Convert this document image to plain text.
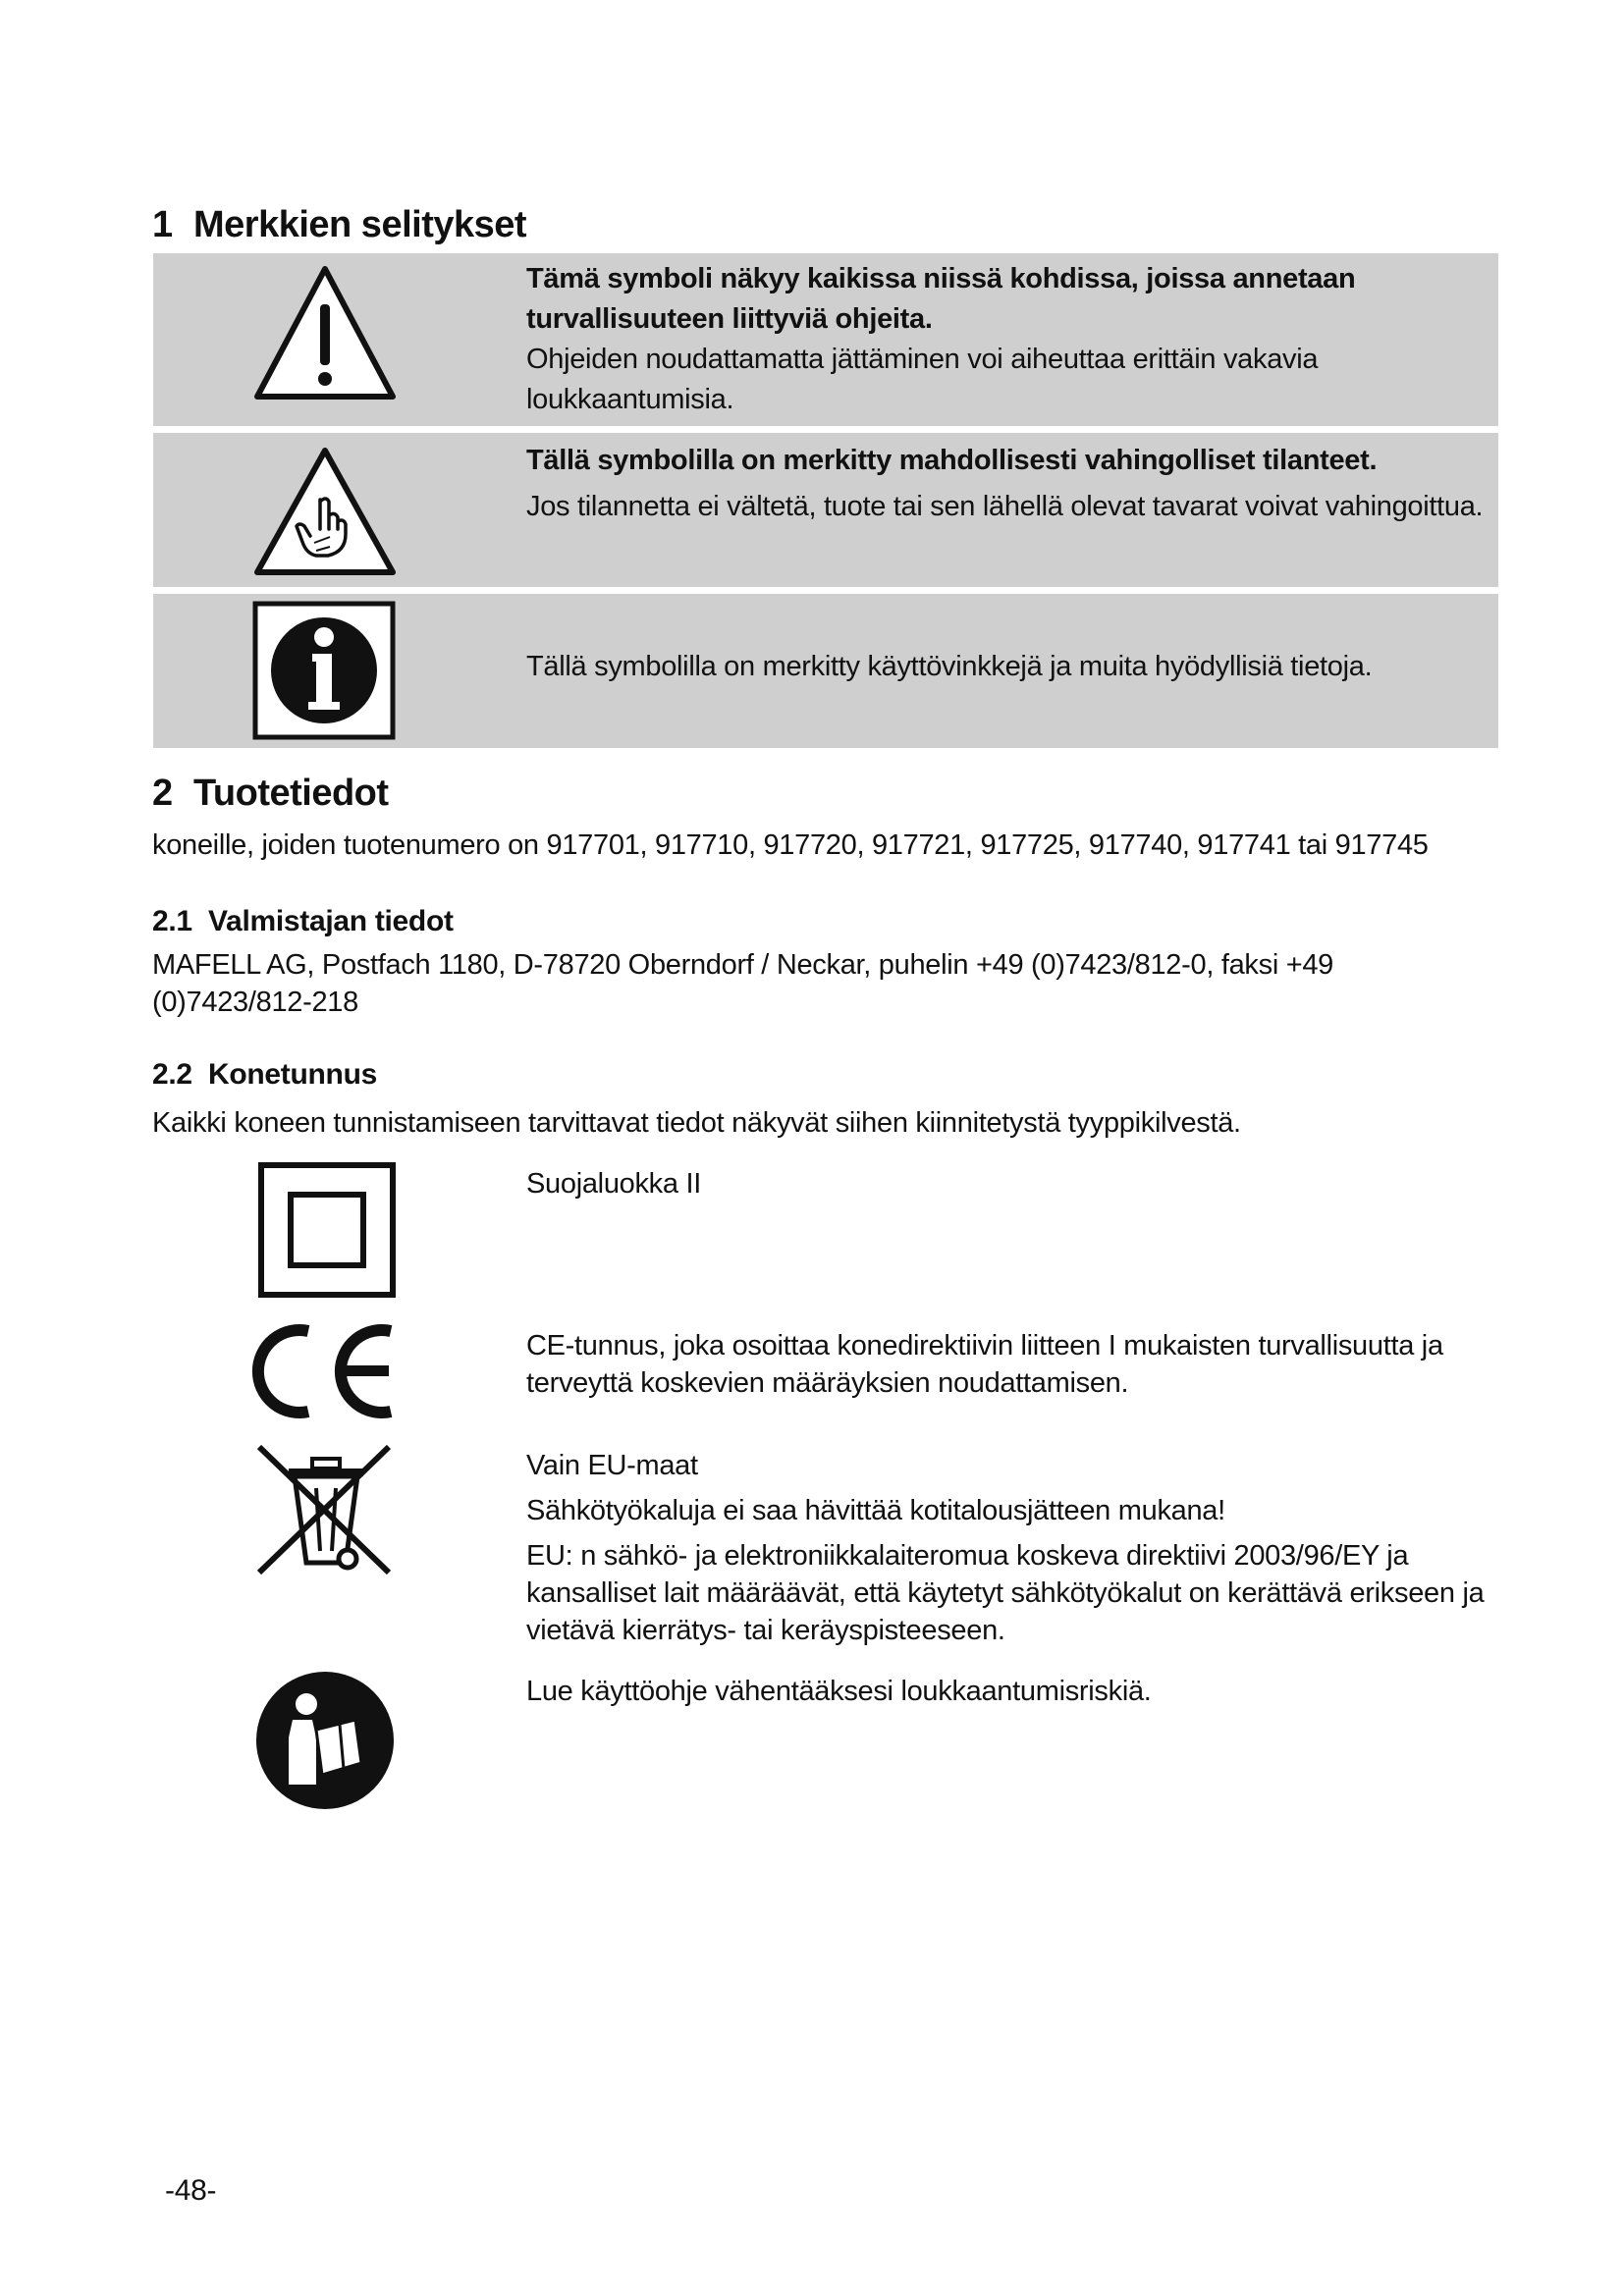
1 Merkkien selitykset
Tämä symboli näkyy kaikissa niissä kohdissa, joissa annetaan turvallisuuteen liittyviä ohjeita.
Ohjeiden noudattamatta jättäminen voi aiheuttaa erittäin vakavia loukkaantumisia.
Tällä symbolilla on merkitty mahdollisesti vahingolliset tilanteet.
Jos tilannetta ei vältetä, tuote tai sen lähellä olevat tavarat voivat vahingoittua.
Tällä symbolilla on merkitty käyttövinkkejä ja muita hyödyllisiä tietoja.
2 Tuotetiedot

koneille, joiden tuotenumero on 917701, 917710, 917720, 917721, 917725, 917740, 917741 tai 917745

2.1 Valmistajan tiedot

MAFELL AG, Postfach 1180, D-78720 Oberndorf / Neckar, puhelin +49 (0)7423/812-0, faksi +49 (0)7423/812-218

2.2 Konetunnus

Kaikki koneen tunnistamiseen tarvittavat tiedot näkyvät siihen kiinnitetystä tyyppikilvestä.

Suojaluokka II

CE-tunnus, joka osoittaa konedirektiivin liitteen I mukaisten turvallisuutta ja terveyttä koskevien määräyksien noudattamisen.

Vain EU-maat

Sähkötyökaluja ei saa hävittää kotitalousjätteen mukana!

EU: n sähkö- ja elektroniikkalaiteromua koskeva direktiivi 2003/96/EY ja kansalliset lait määräävät, että käytetyt sähkötyökalut on kerättävä erikseen ja vietävä kierrätys- tai keräyspisteeseen.

Lue käyttöohje vähentääksesi loukkaantumisriskiä.

-48-
